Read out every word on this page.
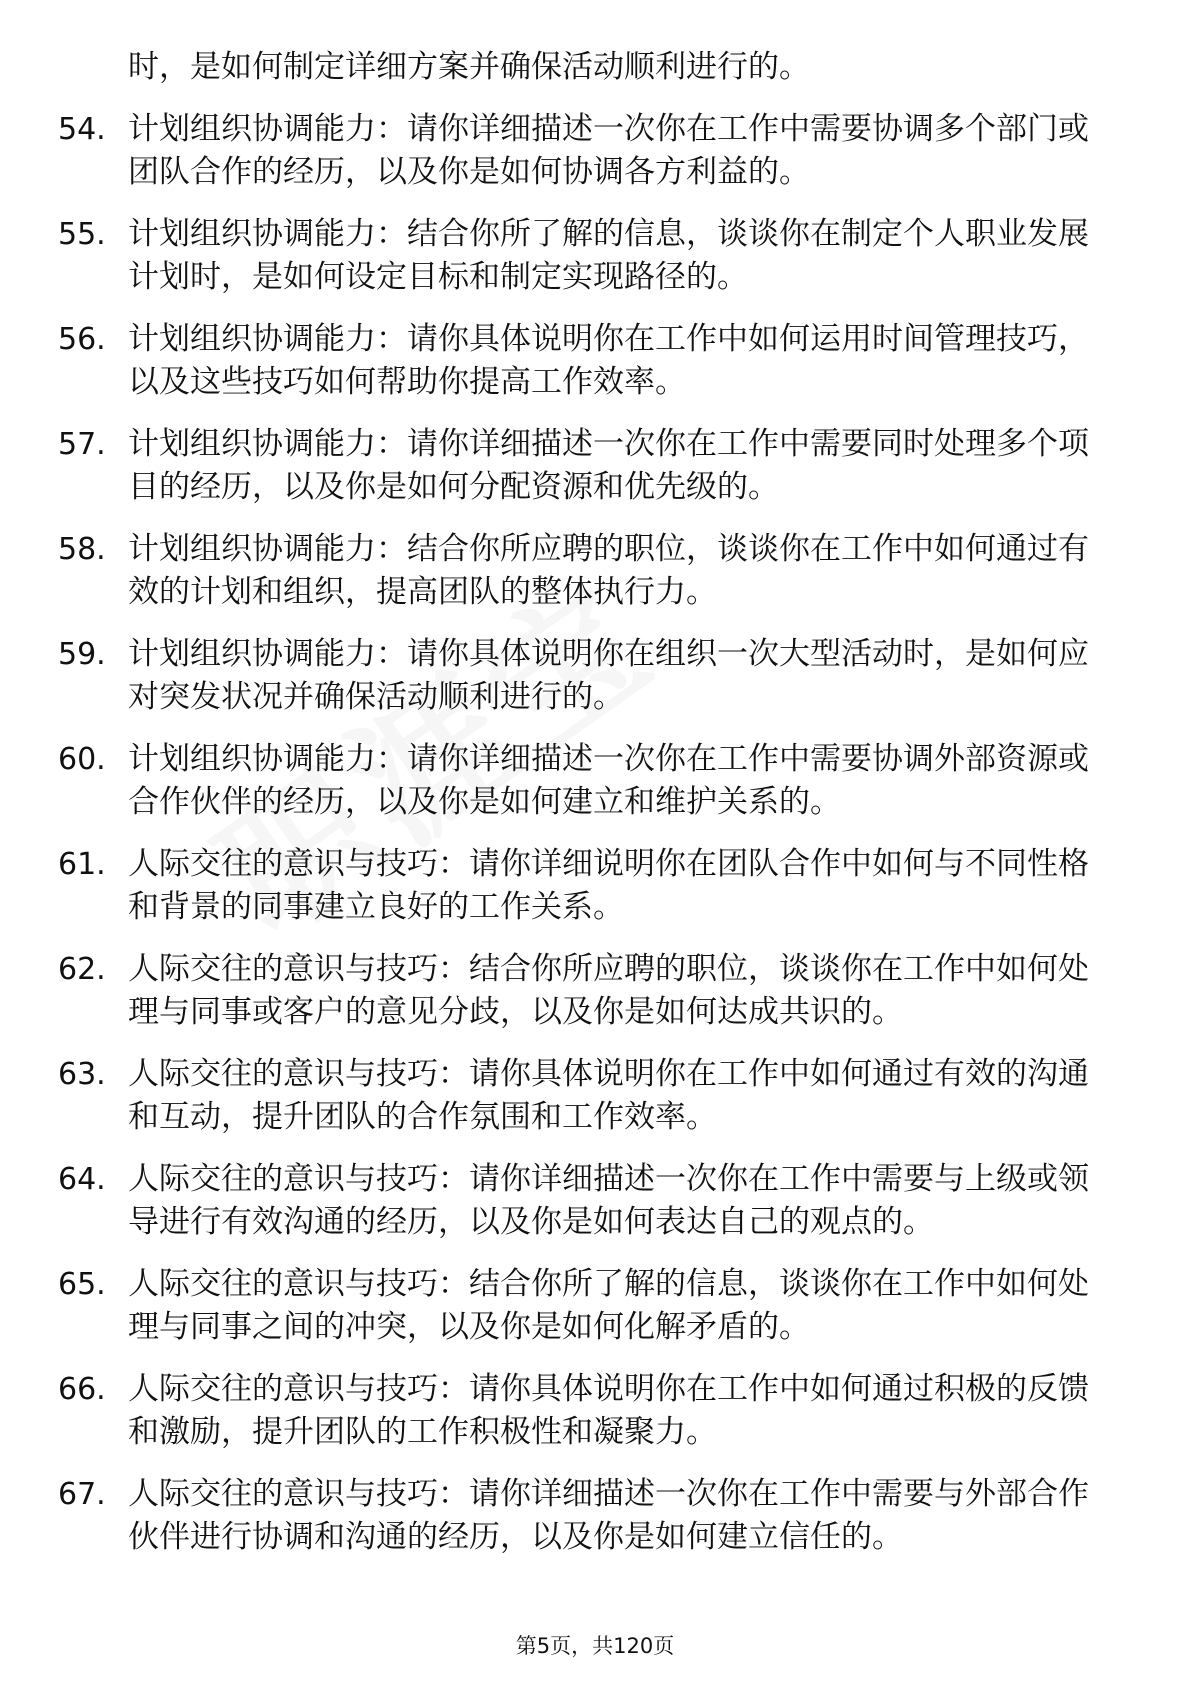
时，是如何制定详细方案并确保活动顺利进行的。
54. 计划组织协调能力：请你详细描述一次你在工作中需要协调多个部门或团队合作的经历，以及你是如何协调各方利益的。
55. 计划组织协调能力：结合你所了解的信息，谈谈你在制定个人职业发展计划时，是如何设定目标和制定实现路径的。
56. 计划组织协调能力：请你具体说明你在工作中如何运用时间管理技巧，以及这些技巧如何帮助你提高工作效率。
57. 计划组织协调能力：请你详细描述一次你在工作中需要同时处理多个项目的经历，以及你是如何分配资源和优先级的。
58. 计划组织协调能力：结合你所应聘的职位，谈谈你在工作中如何通过有效的计划和组织，提高团队的整体执行力。
59. 计划组织协调能力：请你具体说明你在组织一次大型活动时，是如何应对突发状况并确保活动顺利进行的。
60. 计划组织协调能力：请你详细描述一次你在工作中需要协调外部资源或合作伙伴的经历，以及你是如何建立和维护关系的。
61. 人际交往的意识与技巧：请你详细说明你在团队合作中如何与不同性格和背景的同事建立良好的工作关系。
62. 人际交往的意识与技巧：结合你所应聘的职位，谈谈你在工作中如何处理与同事或客户的意见分歧，以及你是如何达成共识的。
63. 人际交往的意识与技巧：请你具体说明你在工作中如何通过有效的沟通和互动，提升团队的合作氛围和工作效率。
64. 人际交往的意识与技巧：请你详细描述一次你在工作中需要与上级或领导进行有效沟通的经历，以及你是如何表达自己的观点的。
65. 人际交往的意识与技巧：结合你所了解的信息，谈谈你在工作中如何处理与同事之间的冲突，以及你是如何化解矛盾的。
66. 人际交往的意识与技巧：请你具体说明你在工作中如何通过积极的反馈和激励，提升团队的工作积极性和凝聚力。
67. 人际交往的意识与技巧：请你详细描述一次你在工作中需要与外部合作伙伴进行协调和沟通的经历，以及你是如何建立信任的。
第5页，共120页
